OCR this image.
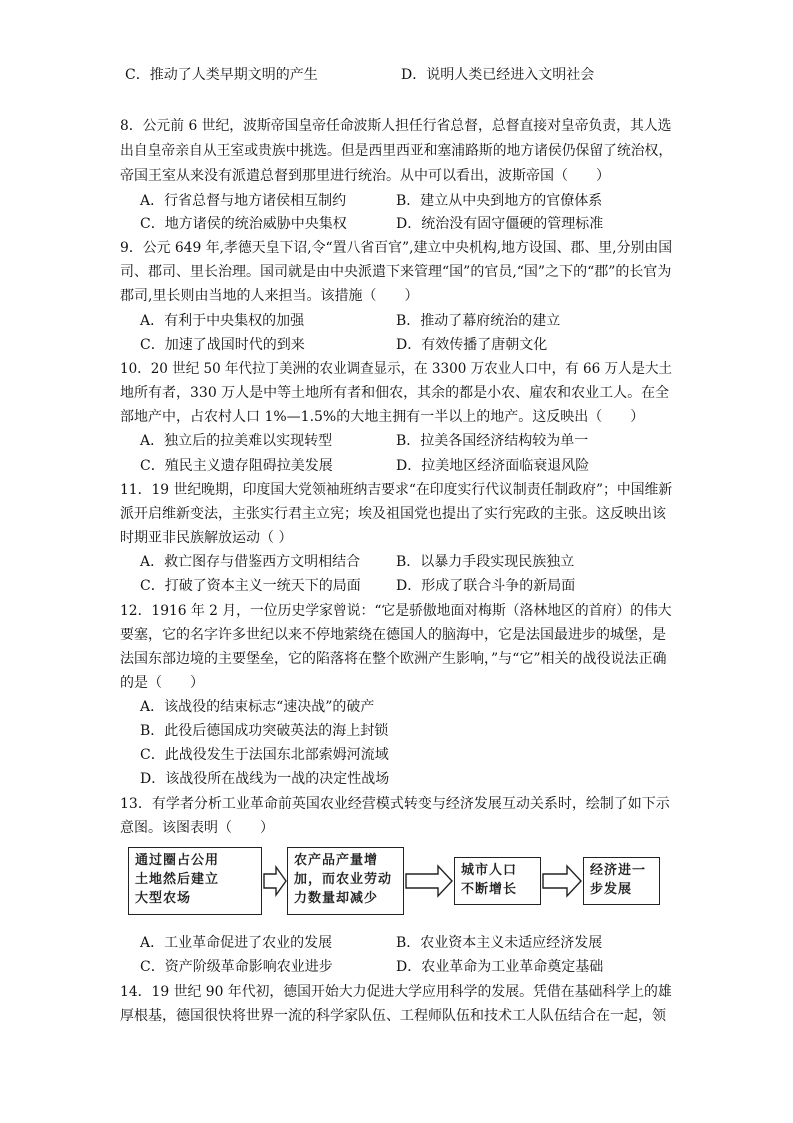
C．推动了人类早期文明的产生	D．说明人类已经进入文明社会
8．公元前 6 世纪，波斯帝国皇帝任命波斯人担任行省总督，总督直接对皇帝负责，其人选
出自皇帝亲自从王室或贵族中挑选。但是西里西亚和塞浦路斯的地方诸侯仍保留了统治权，
帝国王室从来没有派遣总督到那里进行统治。从中可以看出，波斯帝国（　　）
A．行省总督与地方诸侯相互制约	B．建立从中央到地方的官僚体系
C．地方诸侯的统治威胁中央集权	D．统治没有固守僵硬的管理标准
9．公元 649 年,孝德天皇下诏,令“置八省百官”,建立中央机构,地方设国、郡、里,分别由国
司、郡司、里长治理。国司就是由中央派遣下来管理“国”的官员,“国”之下的“郡”的长官为
郡司,里长则由当地的人来担当。该措施（　　）
A．有利于中央集权的加强	B．推动了幕府统治的建立
C．加速了战国时代的到来	D．有效传播了唐朝文化
10．20 世纪 50 年代拉丁美洲的农业调查显示，在 3300 万农业人口中，有 66 万人是大土
地所有者，330 万人是中等土地所有者和佃农，其余的都是小农、雇农和农业工人。在全
部地产中，占农村人口 1%—1.5%的大地主拥有一半以上的地产。这反映出（　　）
A．独立后的拉美难以实现转型	B．拉美各国经济结构较为单一
C．殖民主义遗存阻碍拉美发展	D．拉美地区经济面临衰退风险
11．19 世纪晚期，印度国大党领袖班纳吉要求“在印度实行代议制责任制政府”；中国维新
派开启维新变法，主张实行君主立宪；埃及祖国党也提出了实行宪政的主张。这反映出该
时期亚非民族解放运动（ ）
A．救亡图存与借鉴西方文明相结合	B．以暴力手段实现民族独立
C．打破了资本主义一统天下的局面	D．形成了联合斗争的新局面
12．1916 年 2 月，一位历史学家曾说：“它是骄傲地面对梅斯（洛林地区的首府）的伟大
要塞，它的名字许多世纪以来不停地萦绕在德国人的脑海中，它是法国最进步的城堡，是
法国东部边境的主要堡垒，它的陷落将在整个欧洲产生影响，”与“它”相关的战役说法正确
的是（　　）
A．该战役的结束标志“速决战”的破产
B．此役后德国成功突破英法的海上封锁
C．此战役发生于法国东北部索姆河流域
D．该战役所在战线为一战的决定性战场
13．有学者分析工业革命前英国农业经营模式转变与经济发展互动关系时，绘制了如下示
意图。该图表明（　　）
通过圈占公用
土地然后建立
大型农场
农产品产量增
加，而农业劳动
力数量却减少
城市人口
不断增长
经济进一
步发展
A．工业革命促进了农业的发展	B．农业资本主义未适应经济发展
C．资产阶级革命影响农业进步	D．农业革命为工业革命奠定基础
14．19 世纪 90 年代初，德国开始大力促进大学应用科学的发展。凭借在基础科学上的雄
厚根基，德国很快将世界一流的科学家队伍、工程师队伍和技术工人队伍结合在一起，领
